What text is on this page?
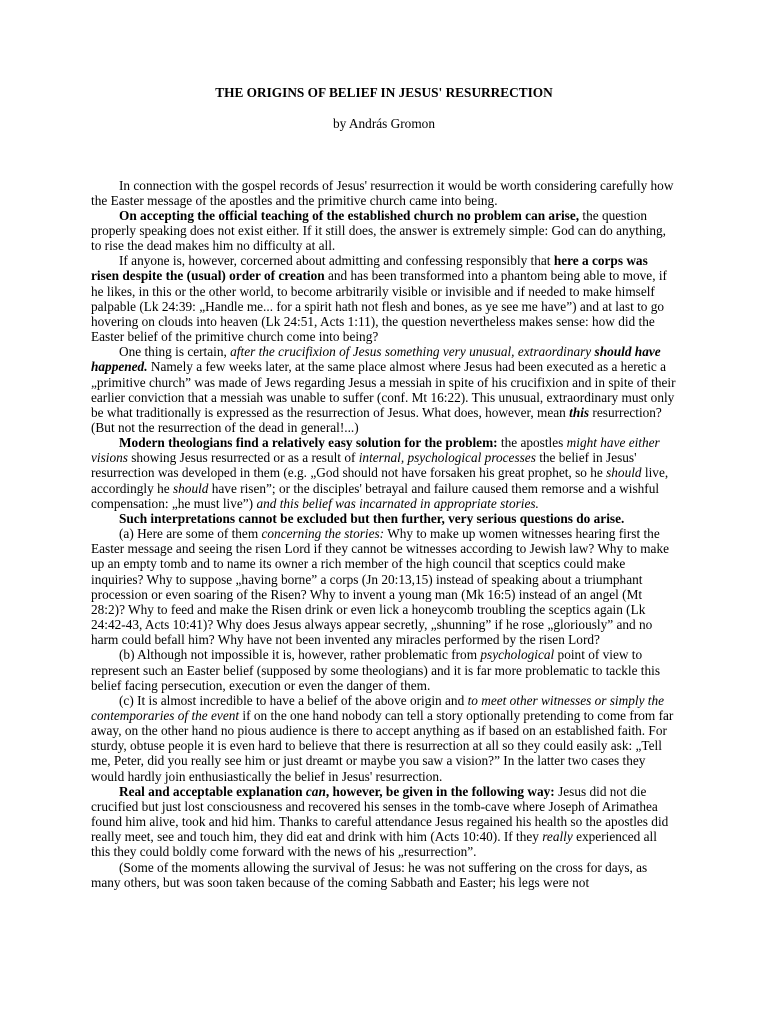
THE ORIGINS OF BELIEF IN JESUS' RESURRECTION
by András Gromon

In connection with the gospel records of Jesus' resurrection it would be worth considering carefully how the Easter message of the apostles and the primitive church came into being.

On accepting the official teaching of the established church no problem can arise, the question properly speaking does not exist either. If it still does, the answer is extremely simple: God can do anything, to rise the dead makes him no difficulty at all.

If anyone is, however, corcerned about admitting and confessing responsibly that here a corps was risen despite the (usual) order of creation and has been transformed into a phantom being able to move, if he likes, in this or the other world, to become arbitrarily visible or invisible and if needed to make himself palpable (Lk 24:39: „Handle me... for a spirit hath not flesh and bones, as ye see me have”) and at last to go hovering on clouds into heaven (Lk 24:51, Acts 1:11), the question nevertheless makes sense: how did the Easter belief of the primitive church come into being?

One thing is certain, after the crucifixion of Jesus something very unusual, extraordinary should have happened. Namely a few weeks later, at the same place almost where Jesus had been executed as a heretic a „primitive church” was made of Jews regarding Jesus a messiah in spite of his crucifixion and in spite of their earlier conviction that a messiah was unable to suffer (conf. Mt 16:22). This unusual, extraordinary must only be what traditionally is expressed as the resurrection of Jesus. What does, however, mean this resurrection? (But not the resurrection of the dead in general!...)

Modern theologians find a relatively easy solution for the problem: the apostles might have either visions showing Jesus resurrected or as a result of internal, psychological processes the belief in Jesus' resurrection was developed in them (e.g. „God should not have forsaken his great prophet, so he should live, accordingly he should have risen”; or the disciples' betrayal and failure caused them remorse and a wishful compensation: „he must live”) and this belief was incarnated in appropriate stories.

Such interpretations cannot be excluded but then further, very serious questions do arise.

(a) Here are some of them concerning the stories: Why to make up women witnesses hearing first the Easter message and seeing the risen Lord if they cannot be witnesses according to Jewish law? Why to make up an empty tomb and to name its owner a rich member of the high council that sceptics could make inquiries? Why to suppose „having borne” a corps (Jn 20:13,15) instead of speaking about a triumphant procession or even soaring of the Risen? Why to invent a young man (Mk 16:5) instead of an angel (Mt 28:2)? Why to feed and make the Risen drink or even lick a honeycomb troubling the sceptics again (Lk 24:42-43, Acts 10:41)? Why does Jesus always appear secretly, „shunning” if he rose „gloriously” and no harm could befall him? Why have not been invented any miracles performed by the risen Lord?

(b) Although not impossible it is, however, rather problematic from psychological point of view to represent such an Easter belief (supposed by some theologians) and it is far more problematic to tackle this belief facing persecution, execution or even the danger of them.

(c) It is almost incredible to have a belief of the above origin and to meet other witnesses or simply the contemporaries of the event if on the one hand nobody can tell a story optionally pretending to come from far away, on the other hand no pious audience is there to accept anything as if based on an established faith. For sturdy, obtuse people it is even hard to believe that there is resurrection at all so they could easily ask: „Tell me, Peter, did you really see him or just dreamt or maybe you saw a vision?” In the latter two cases they would hardly join enthusiastically the belief in Jesus' resurrection.

Real and acceptable explanation can, however, be given in the following way: Jesus did not die crucified but just lost consciousness and recovered his senses in the tomb-cave where Joseph of Arimathea found him alive, took and hid him. Thanks to careful attendance Jesus regained his health so the apostles did really meet, see and touch him, they did eat and drink with him (Acts 10:40). If they really experienced all this they could boldly come forward with the news of his „resurrection”.

(Some of the moments allowing the survival of Jesus: he was not suffering on the cross for days, as many others, but was soon taken because of the coming Sabbath and Easter; his legs were not
